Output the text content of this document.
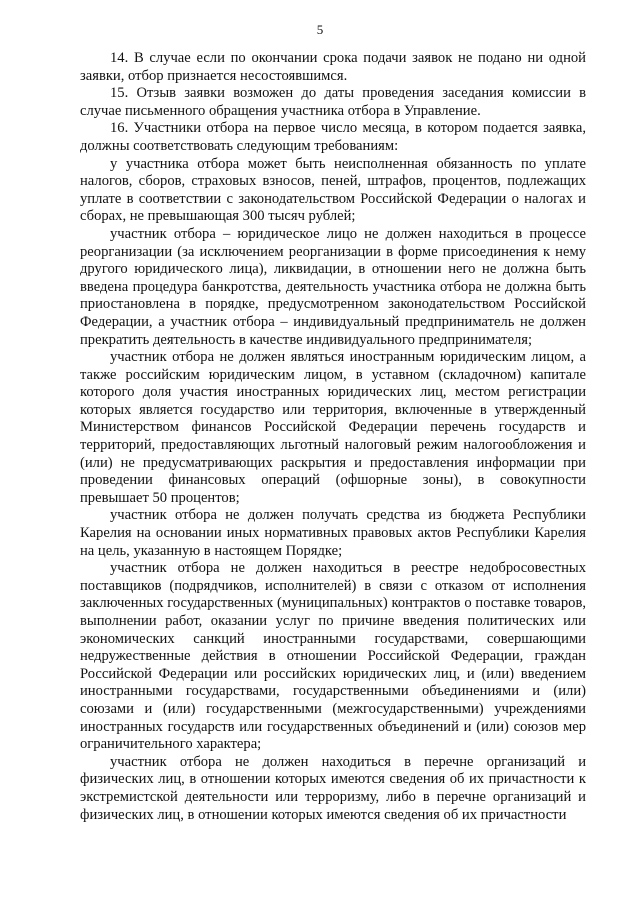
5

14. В случае если по окончании срока подачи заявок не подано ни одной заявки, отбор признается несостоявшимся.

15. Отзыв заявки возможен до даты проведения заседания комиссии в случае письменного обращения участника отбора в Управление.

16. Участники отбора на первое число месяца, в котором подается заявка, должны соответствовать следующим требованиям:

у участника отбора может быть неисполненная обязанность по уплате налогов, сборов, страховых взносов, пеней, штрафов, процентов, подлежащих уплате в соответствии с законодательством Российской Федерации о налогах и сборах, не превышающая 300 тысяч рублей;

участник отбора – юридическое лицо не должен находиться в процессе реорганизации (за исключением реорганизации в форме присоединения к нему другого юридического лица), ликвидации, в отношении него не должна быть введена процедура банкротства, деятельность участника отбора не должна быть приостановлена в порядке, предусмотренном законодательством Российской Федерации, а участник отбора – индивидуальный предприниматель не должен прекратить деятельность в качестве индивидуального предпринимателя;

участник отбора не должен являться иностранным юридическим лицом, а также российским юридическим лицом, в уставном (складочном) капитале которого доля участия иностранных юридических лиц, местом регистрации которых является государство или территория, включенные в утвержденный Министерством финансов Российской Федерации перечень государств и территорий, предоставляющих льготный налоговый режим налогообложения и (или) не предусматривающих раскрытия и предоставления информации при проведении финансовых операций (офшорные зоны), в совокупности превышает 50 процентов;

участник отбора не должен получать средства из бюджета Республики Карелия на основании иных нормативных правовых актов Республики Карелия на цель, указанную в настоящем Порядке;

участник отбора не должен находиться в реестре недобросовестных поставщиков (подрядчиков, исполнителей) в связи с отказом от исполнения заключенных государственных (муниципальных) контрактов о поставке товаров, выполнении работ, оказании услуг по причине введения политических или экономических санкций иностранными государствами, совершающими недружественные действия в отношении Российской Федерации, граждан Российской Федерации или российских юридических лиц, и (или) введением иностранными государствами, государственными объединениями и (или) союзами и (или) государственными (межгосударственными) учреждениями иностранных государств или государственных объединений и (или) союзов мер ограничительного характера;

участник отбора не должен находиться в перечне организаций и физических лиц, в отношении которых имеются сведения об их причастности к экстремистской деятельности или терроризму, либо в перечне организаций и физических лиц, в отношении которых имеются сведения об их причастности
